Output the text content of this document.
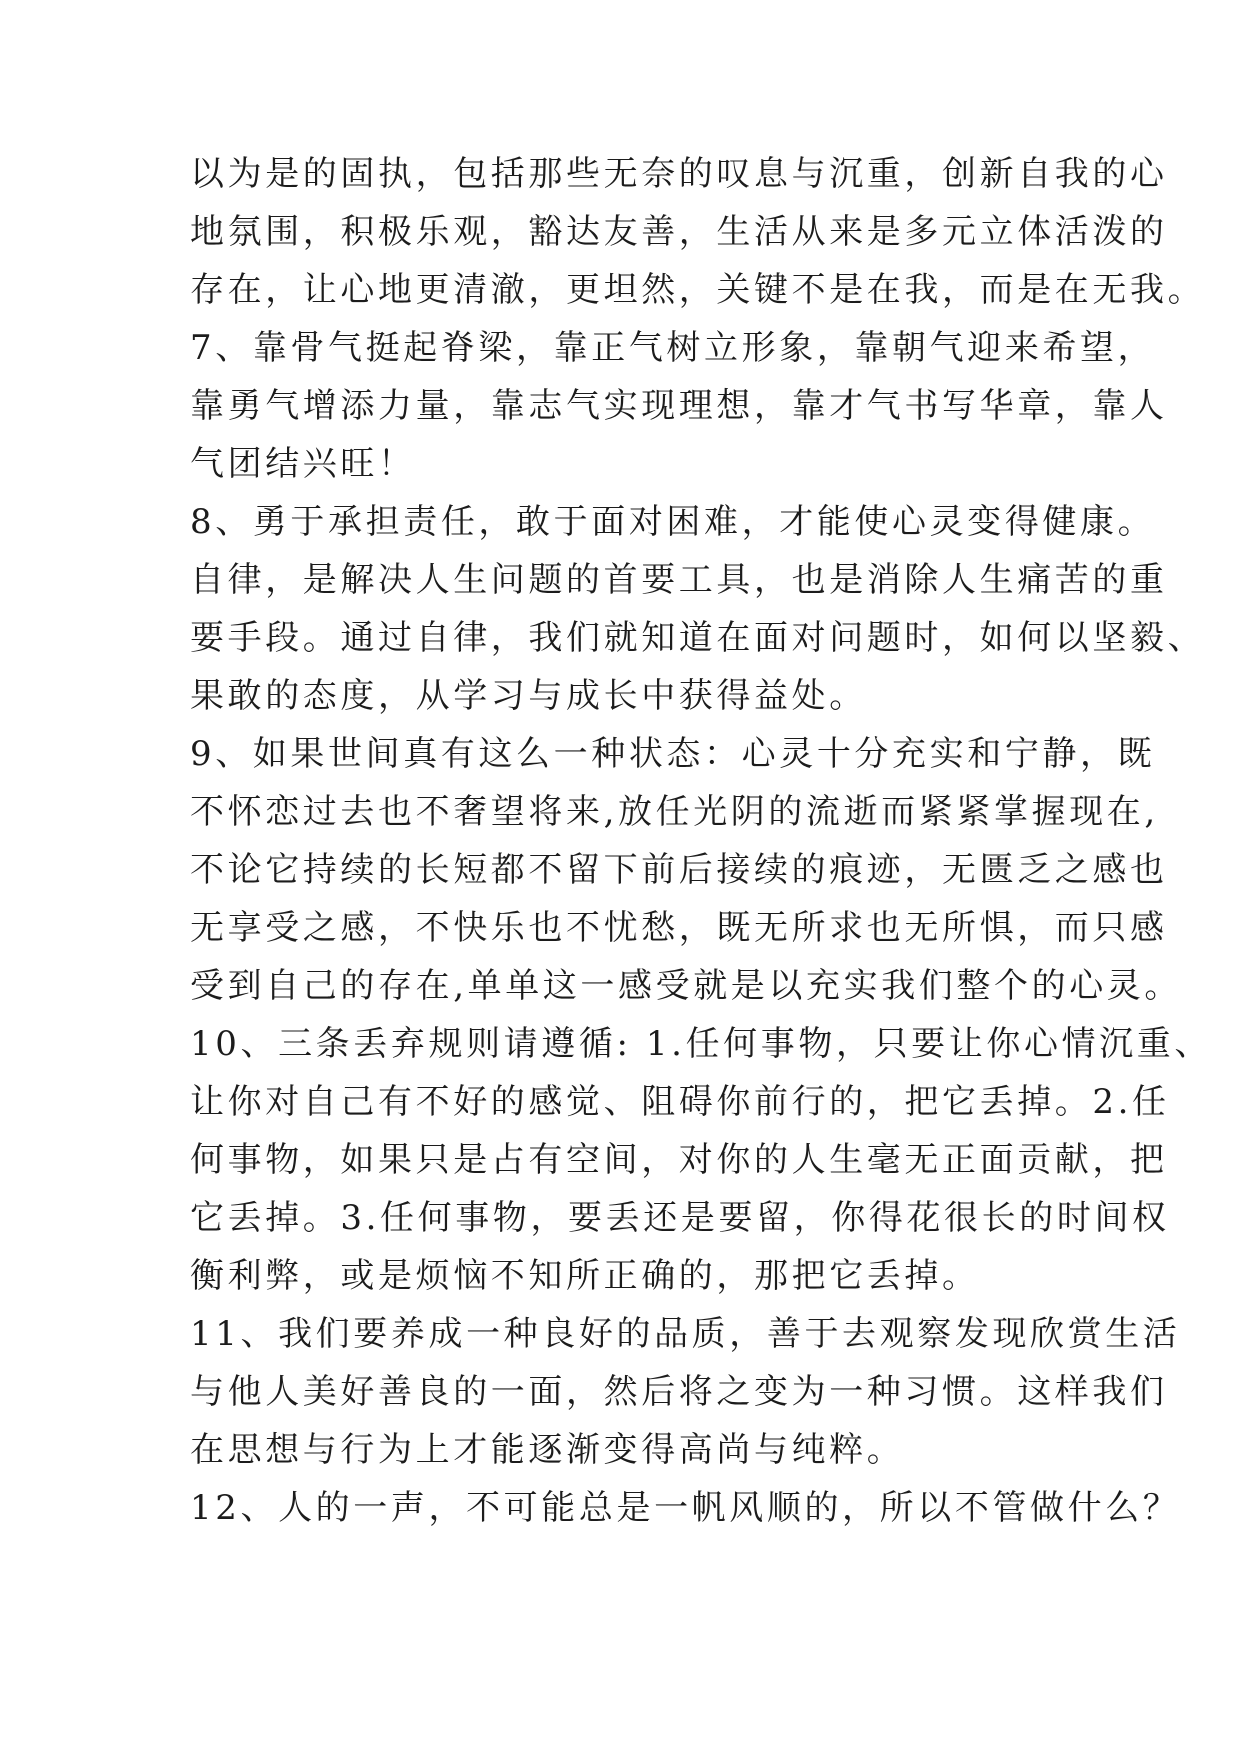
以为是的固执，包括那些无奈的叹息与沉重，创新自我的心
地氛围，积极乐观，豁达友善，生活从来是多元立体活泼的
存在，让心地更清澈，更坦然，关键不是在我，而是在无我。
7、靠骨气挺起脊梁，靠正气树立形象，靠朝气迎来希望，
靠勇气增添力量，靠志气实现理想，靠才气书写华章，靠人
气团结兴旺！
8、勇于承担责任，敢于面对困难，才能使心灵变得健康。
自律，是解决人生问题的首要工具，也是消除人生痛苦的重
要手段。通过自律，我们就知道在面对问题时，如何以坚毅、
果敢的态度，从学习与成长中获得益处。
9、如果世间真有这么一种状态：心灵十分充实和宁静，既
不怀恋过去也不奢望将来,放任光阴的流逝而紧紧掌握现在,
不论它持续的长短都不留下前后接续的痕迹，无匮乏之感也
无享受之感，不快乐也不忧愁，既无所求也无所惧，而只感
受到自己的存在,单单这一感受就是以充实我们整个的心灵。
10、三条丢弃规则请遵循: 1.任何事物，只要让你心情沉重、
让你对自己有不好的感觉、阻碍你前行的，把它丢掉。2.任
何事物，如果只是占有空间，对你的人生毫无正面贡献，把
它丢掉。3.任何事物，要丢还是要留，你得花很长的时间权
衡利弊，或是烦恼不知所正确的，那把它丢掉。
11、我们要养成一种良好的品质，善于去观察发现欣赏生活
与他人美好善良的一面，然后将之变为一种习惯。这样我们
在思想与行为上才能逐渐变得高尚与纯粹。
12、人的一声，不可能总是一帆风顺的，所以不管做什么？
